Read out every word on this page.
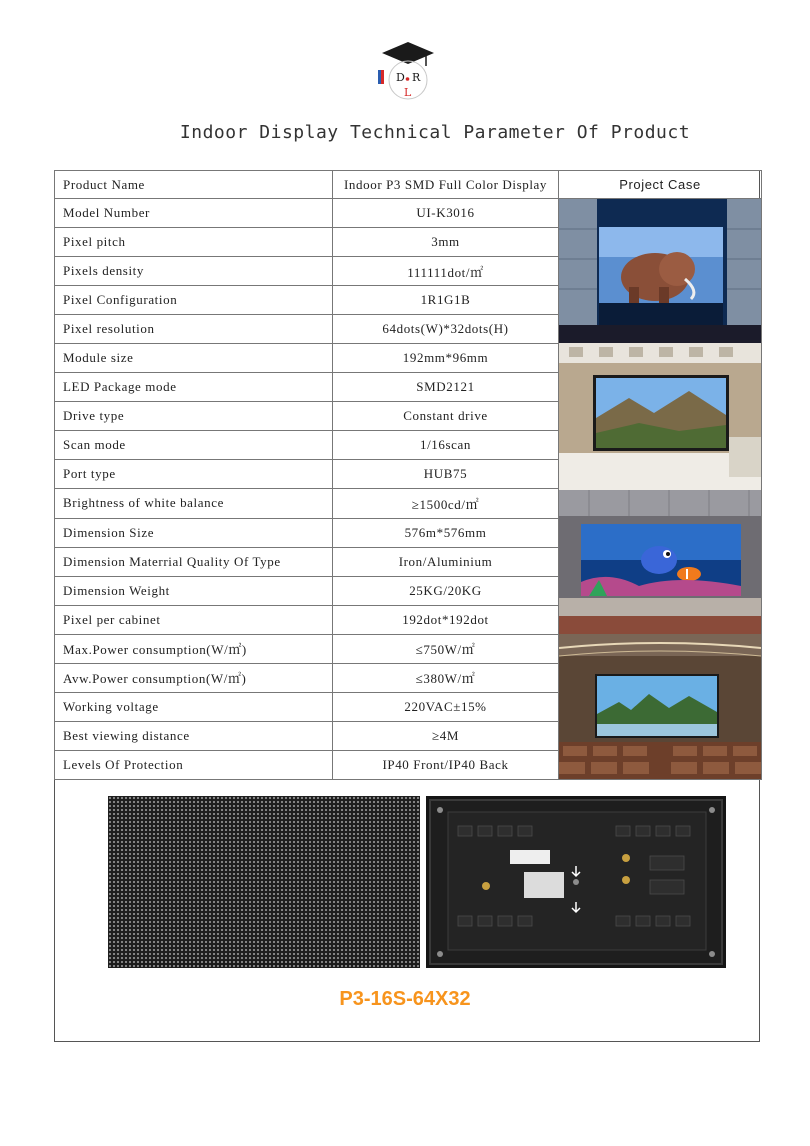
D R
L
Indoor Display Technical Parameter Of Product
Product Name	Indoor P3 SMD Full Color Display	Project Case
Model Number	UI-K3016	

Pixel pitch	3mm	
Pixels density	111111dot/㎡	
Pixel Configuration	1R1G1B	
Pixel resolution	64dots(W)*32dots(H)	
Module size	192mm*96mm	
LED Package mode	SMD2121	
Drive type	Constant drive	
Scan mode	1/16scan	
Port type	HUB75	
Brightness of white balance	≥1500cd/㎡	
Dimension Size	576m*576mm	
Dimension Materrial Quality Of Type	Iron/Aluminium	
Dimension Weight	25KG/20KG	
Pixel per cabinet	192dot*192dot	
Max.Power consumption(W/㎡)	≤750W/㎡	
Avw.Power consumption(W/㎡)	≤380W/㎡	
Working voltage	220VAC±15%	
Best viewing distance	≥4M	
Levels Of Protection	IP40 Front/IP40 Back	
P3-16S-64X32
